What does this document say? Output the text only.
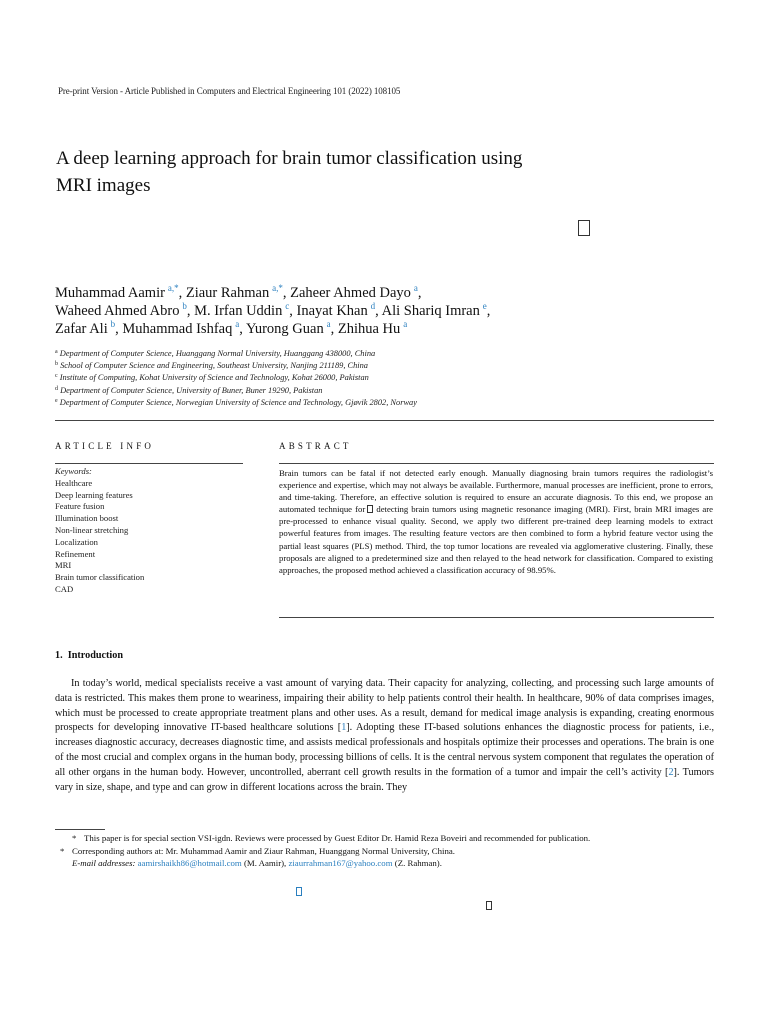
Pre-print Version - Article Published in Computers and Electrical Engineering 101 (2022) 108105
A deep learning approach for brain tumor classification using
MRI images
Muhammad Aamir  $^{a,*}$, Ziaur Rahman  $^{a,*}$, Zaheer Ahmed Dayo  $^a$,
Waheed Ahmed Abro  $^b$, M. Irfan Uddin  $^c$, Inayat Khan  $^d$, Ali Shariq Imran  $^e$,
Zafar Ali  $^b$, Muhammad Ishfaq  $^a$, Yurong Guan  $^a$, Zhihua Hu  $^a$
$^a$ Department of Computer Science, Huanggang Normal University, Huanggang 438000, China
$^b$ School of Computer Science and Engineering, Southeast University, Nanjing 211189, China
$^c$ Institute of Computing, Kohat University of Science and Technology, Kohat 26000, Pakistan
$^d$ Department of Computer Science, University of Buner, Buner 19290, Pakistan
$^e$ Department of Computer Science, Norwegian University of Science and Technology, Gjøvik 2802, Norway
ARTICLE INFO	ABSTRACT
Keywords:
Healthcare
Deep learning features
Feature fusion
Illumination boost
Non-linear stretching
Localization
Refinement
MRI
Brain tumor classification
CAD
Brain tumors can be fatal if not detected early enough. Manually diagnosing brain tumors requires the radiologist’s experience and expertise, which may not always be available. Furthermore, manual processes are inefficient, prone to errors, and time-taking. Therefore, an effective solution is required to ensure an accurate diagnosis. To this end, we propose an automated technique for detecting brain tumors using magnetic resonance imaging (MRI). First, brain MRI images are pre-processed to enhance visual quality. Second, we apply two different pre-trained deep learning models to extract powerful features from images. The resulting feature vectors are then combined to form a hybrid feature vector using the partial least squares (PLS) method. Third, the top tumor locations are revealed via agglomerative clustering. Finally, these proposals are aligned to a predetermined size and then relayed to the head network for classification. Compared to existing approaches, the proposed method achieved a classification accuracy of 98.95%.
1.  Introduction
In today’s world, medical specialists receive a vast amount of varying data. Their capacity for analyzing, collecting, and processing such large amounts of data is restricted. This makes them prone to weariness, impairing their ability to help patients control their health. In healthcare, 90% of data comprises images, which must be processed to create appropriate treatment plans and other uses. As a result, demand for medical image analysis is expanding, creating enormous prospects for developing innovative IT-based healthcare solutions [1]. Adopting these IT-based solutions enhances the diagnostic process for patients, i.e., increases diagnostic accuracy, decreases diagnostic time, and assists medical professionals and hospitals optimize their processes and operations. The brain is one of the most crucial and complex organs in the human body, processing billions of cells. It is the central nervous system component that regulates the operation of all other organs in the human body. However, uncontrolled, aberrant cell growth results in the formation of a tumor and impair the cell’s activity [2]. Tumors vary in size, shape, and type and can grow in different locations across the brain. They
* This paper is for special section VSI-igdn. Reviews were processed by Guest Editor Dr. Hamid Reza Boveiri and recommended for publication.
* Corresponding authors at: Mr. Muhammad Aamir and Ziaur Rahman, Huanggang Normal University, China.
E-mail addresses: aamirshaikh86@hotmail.com (M. Aamir), ziaurrahman167@yahoo.com (Z. Rahman).
